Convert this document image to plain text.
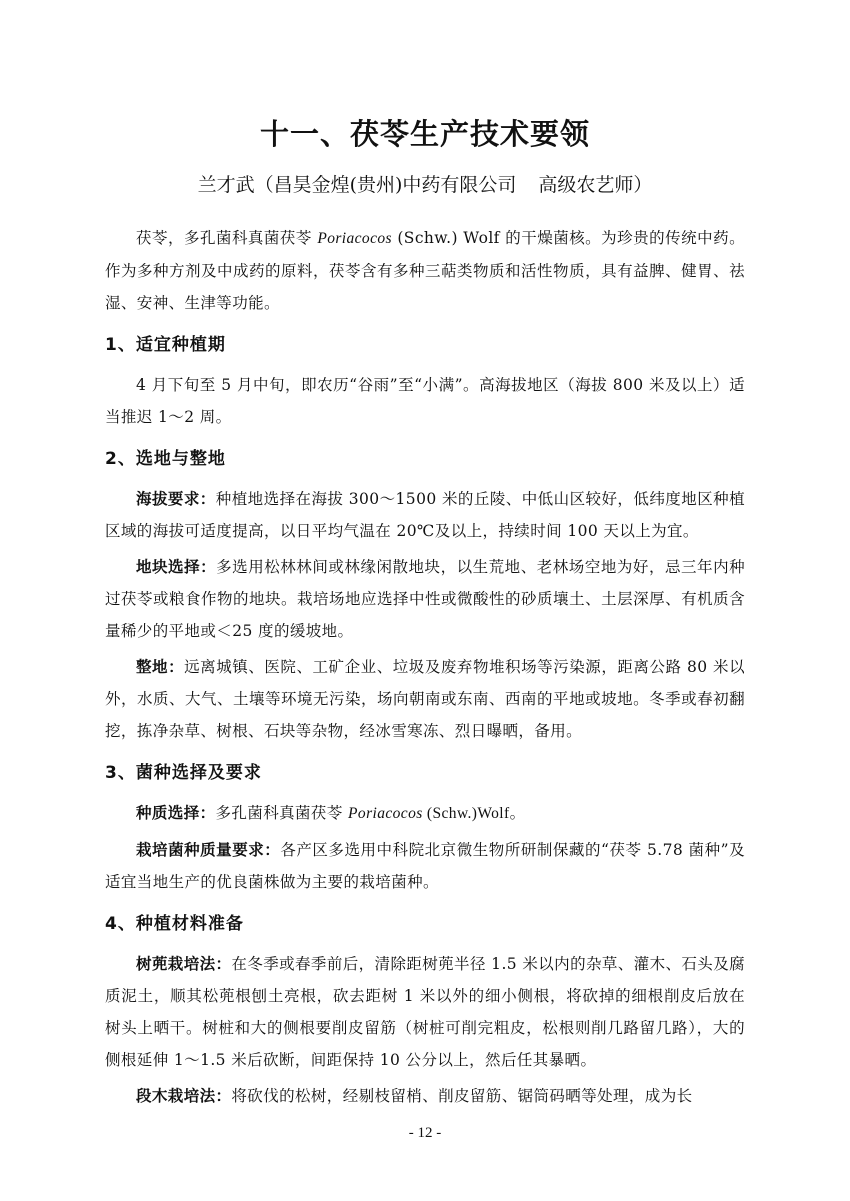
十一、茯苓生产技术要领

兰才武（昌昊金煌(贵州)中药有限公司 高级农艺师）

茯苓，多孔菌科真菌茯苓 Poriacocos (Schw.) Wolf 的干燥菌核。为珍贵的传统中药。作为多种方剂及中成药的原料，茯苓含有多种三萜类物质和活性物质，具有益脾、健胃、祛湿、安神、生津等功能。

1、适宜种植期

4 月下旬至 5 月中旬，即农历“谷雨”至“小满”。高海拔地区（海拔 800 米及以上）适当推迟 1～2 周。

2、选地与整地

海拔要求：种植地选择在海拔 300～1500 米的丘陵、中低山区较好，低纬度地区种植区域的海拔可适度提高，以日平均气温在 20℃及以上，持续时间 100 天以上为宜。

地块选择：多选用松林林间或林缘闲散地块，以生荒地、老林场空地为好，忌三年内种过茯苓或粮食作物的地块。栽培场地应选择中性或微酸性的砂质壤土、土层深厚、有机质含量稀少的平地或＜25 度的缓坡地。

整地：远离城镇、医院、工矿企业、垃圾及废弃物堆积场等污染源，距离公路 80 米以外，水质、大气、土壤等环境无污染，场向朝南或东南、西南的平地或坡地。冬季或春初翻挖，拣净杂草、树根、石块等杂物，经冰雪寒冻、烈日曝晒，备用。

3、菌种选择及要求

种质选择：多孔菌科真菌茯苓 Poriacocos (Schw.)Wolf。

栽培菌种质量要求：各产区多选用中科院北京微生物所研制保藏的“茯苓 5.78 菌种”及适宜当地生产的优良菌株做为主要的栽培菌种。

4、种植材料准备

树蔸栽培法：在冬季或春季前后，清除距树蔸半径 1.5 米以内的杂草、灌木、石头及腐质泥土，顺其松蔸根刨土亮根，砍去距树 1 米以外的细小侧根，将砍掉的细根削皮后放在树头上晒干。树桩和大的侧根要削皮留筋（树桩可削完粗皮，松根则削几路留几路），大的侧根延伸 1～1.5 米后砍断，间距保持 10 公分以上，然后任其暴晒。

段木栽培法：将砍伐的松树，经剔枝留梢、削皮留筋、锯筒码晒等处理，成为长

- 12 -
